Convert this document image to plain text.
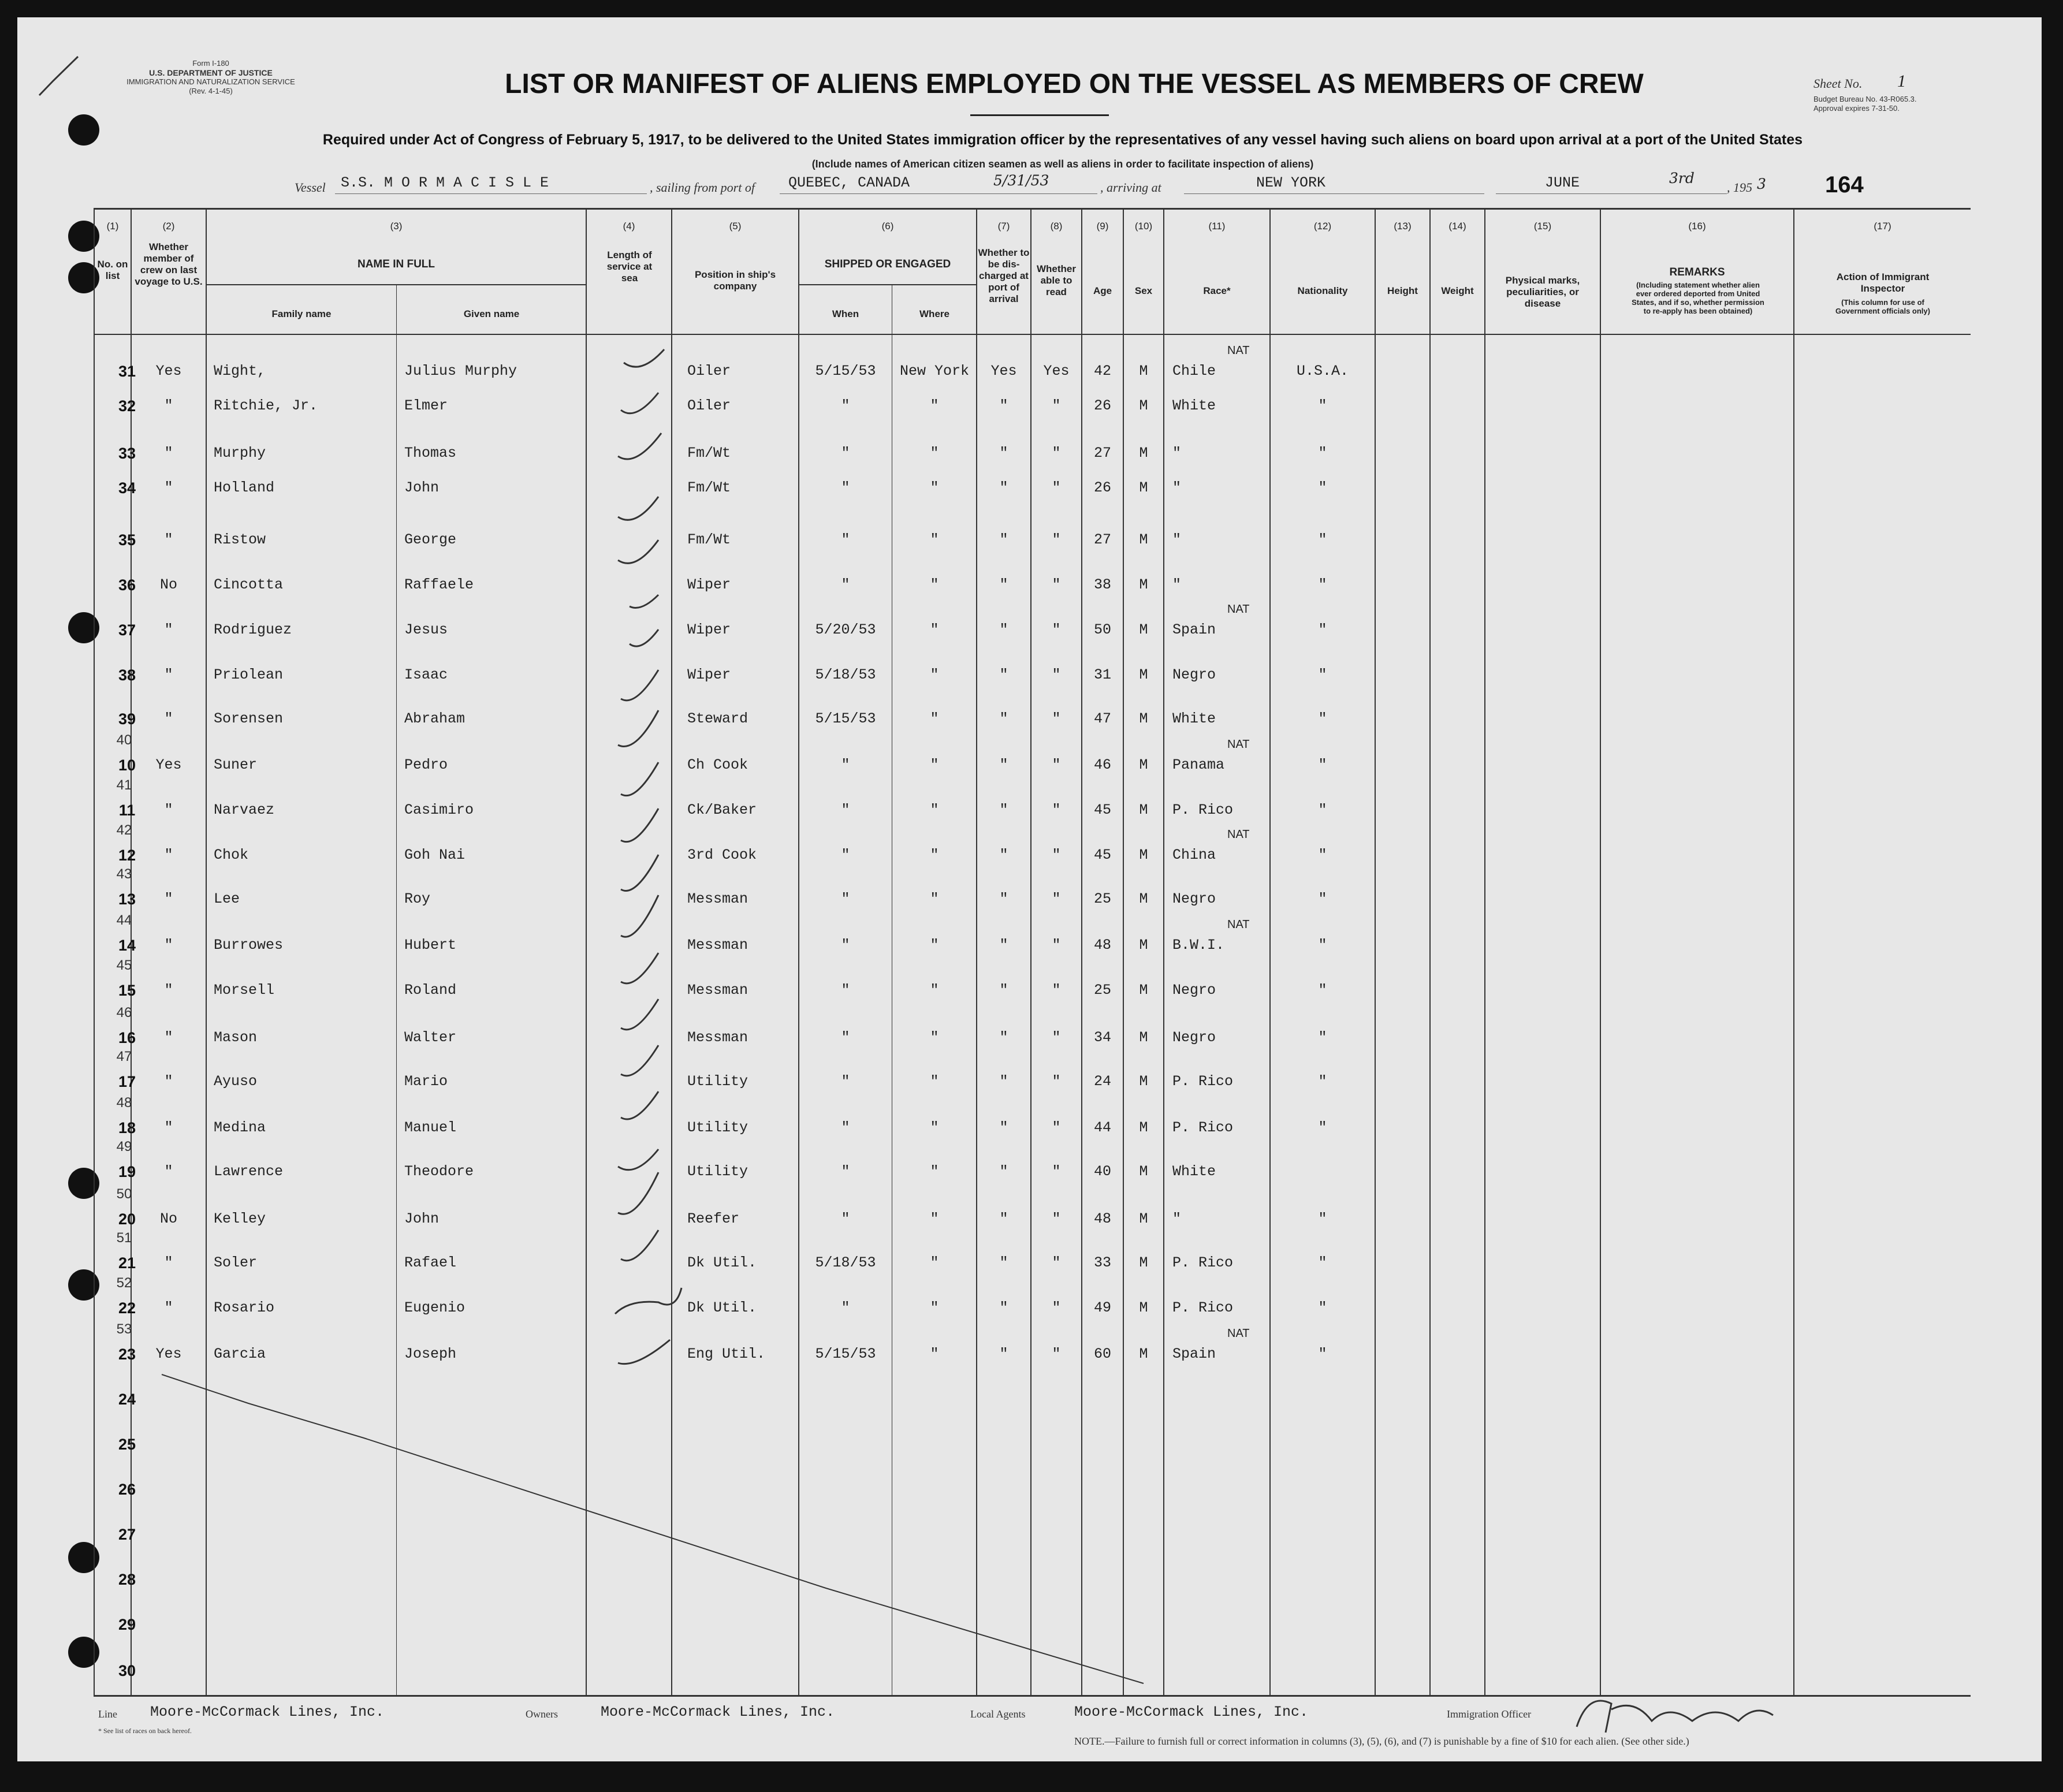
Form I-180
U.S. DEPARTMENT OF JUSTICE
IMMIGRATION AND NATURALIZATION SERVICE
(Rev. 4-1-45)	LIST OR MANIFEST OF ALIENS EMPLOYED ON THE VESSEL AS MEMBERS OF CREW
Required under Act of Congress of February 5, 1917, to be delivered to the United States immigration officer by the representatives of any vessel having such aliens on board upon arrival at a port of the United States
(Include names of American citizen seamen as well as aliens in order to facilitate inspection of aliens)
Sheet No. 1
Budget Bureau No. 43-R065.3.
Approval expires 7-31-50.
164
Vessel S.S. M O R M A C I S L E	, sailing from port of QUEBEC, CANADA	5/31/53	, arriving at	NEW YORK	JUNE	3rd
, 195 3
(1)
No. on list
(2)
Whether member of crew on last voyage to U.S.
(3)
NAME IN FULL
Family name	Given name
(4)
Length of service at sea
(5)
Position in ship's company
(6)
SHIPPED OR ENGAGED
When	Where
(7)
Whether to be dis-charged at port of arrival
(8)
Whether able to read
(9)
Age
(10)
Sex
(11)
Race*
(12)
Nationality
(13)
Height
(14)
Weight
(15)
Physical marks, peculiarities, or disease
(16)
REMARKS
(Including statement whether alien ever ordered deported from United States, and if so, whether permission to re-apply has been obtained)
(17)
Action of Immigrant Inspector
(This column for use of Government officials only)
31	Yes	Wight,	Julius Murphy	Oiler	5/15/53	New York	Yes	Yes	42	M	Chile	U.S.A.
NAT
32	"	Ritchie, Jr.	Elmer	Oiler	"	"	"	"	26	M	White	"
33	"	Murphy	Thomas	Fm/Wt	"	"	"	"	27	M	"	"
34	"	Holland	John	Fm/Wt	"	"	"	"	26	M	"	"
35	"	Ristow	George	Fm/Wt	"	"	"	"	27	M	"	"
36	No	Cincotta	Raffaele	Wiper	"	"	"	"	38	M	"	"
37	"	Rodriguez	Jesus	Wiper	5/20/53	"	"	"	50	M	Spain	"
NAT
38	"	Priolean	Isaac	Wiper	5/18/53	"	"	"	31	M	Negro	"
39	"	Sorensen	Abraham	Steward	5/15/53	"	"	"	47	M	White	"
40
10	Yes	Suner	Pedro	Ch Cook	"	"	"	"	46	M	Panama	"
NAT
41
11	"	Narvaez	Casimiro	Ck/Baker	"	"	"	"	45	M	P. Rico	"
42
12	"	Chok	Goh Nai	3rd Cook	"	"	"	"	45	M	China	"
NAT
43
13	"	Lee	Roy	Messman	"	"	"	"	25	M	Negro	"
44
14	"	Burrowes	Hubert	Messman	"	"	"	"	48	M	B.W.I.	"
NAT
45
15	"	Morsell	Roland	Messman	"	"	"	"	25	M	Negro	"
46
16	"	Mason	Walter	Messman	"	"	"	"	34	M	Negro	"
47
17	"	Ayuso	Mario	Utility	"	"	"	"	24	M	P. Rico	"
48
18	"	Medina	Manuel	Utility	"	"	"	"	44	M	P. Rico	"
49
19	"	Lawrence	Theodore	Utility	"	"	"	"	40	M	White
50
20	No	Kelley	John	Reefer	"	"	"	"	48	M	"	"
51
21	"	Soler	Rafael	Dk Util.	5/18/53	"	"	"	33	M	P. Rico	"
52
22	"	Rosario	Eugenio	Dk Util.	"	"	"	"	49	M	P. Rico	"
53
23	Yes	Garcia	Joseph	Eng Util.	5/15/53	"	"	"	60	M	Spain	"
NAT
24
25
26
27
28
29
30
Line Moore-McCormack Lines, Inc.	Owners	Moore-McCormack Lines, Inc.	Local Agents	Moore-McCormack Lines, Inc.	Immigration Officer
* See list of races on back hereof.
NOTE.—Failure to furnish full or correct information in columns (3), (5), (6), and (7) is punishable by a fine of $10 for each alien. (See other side.)
